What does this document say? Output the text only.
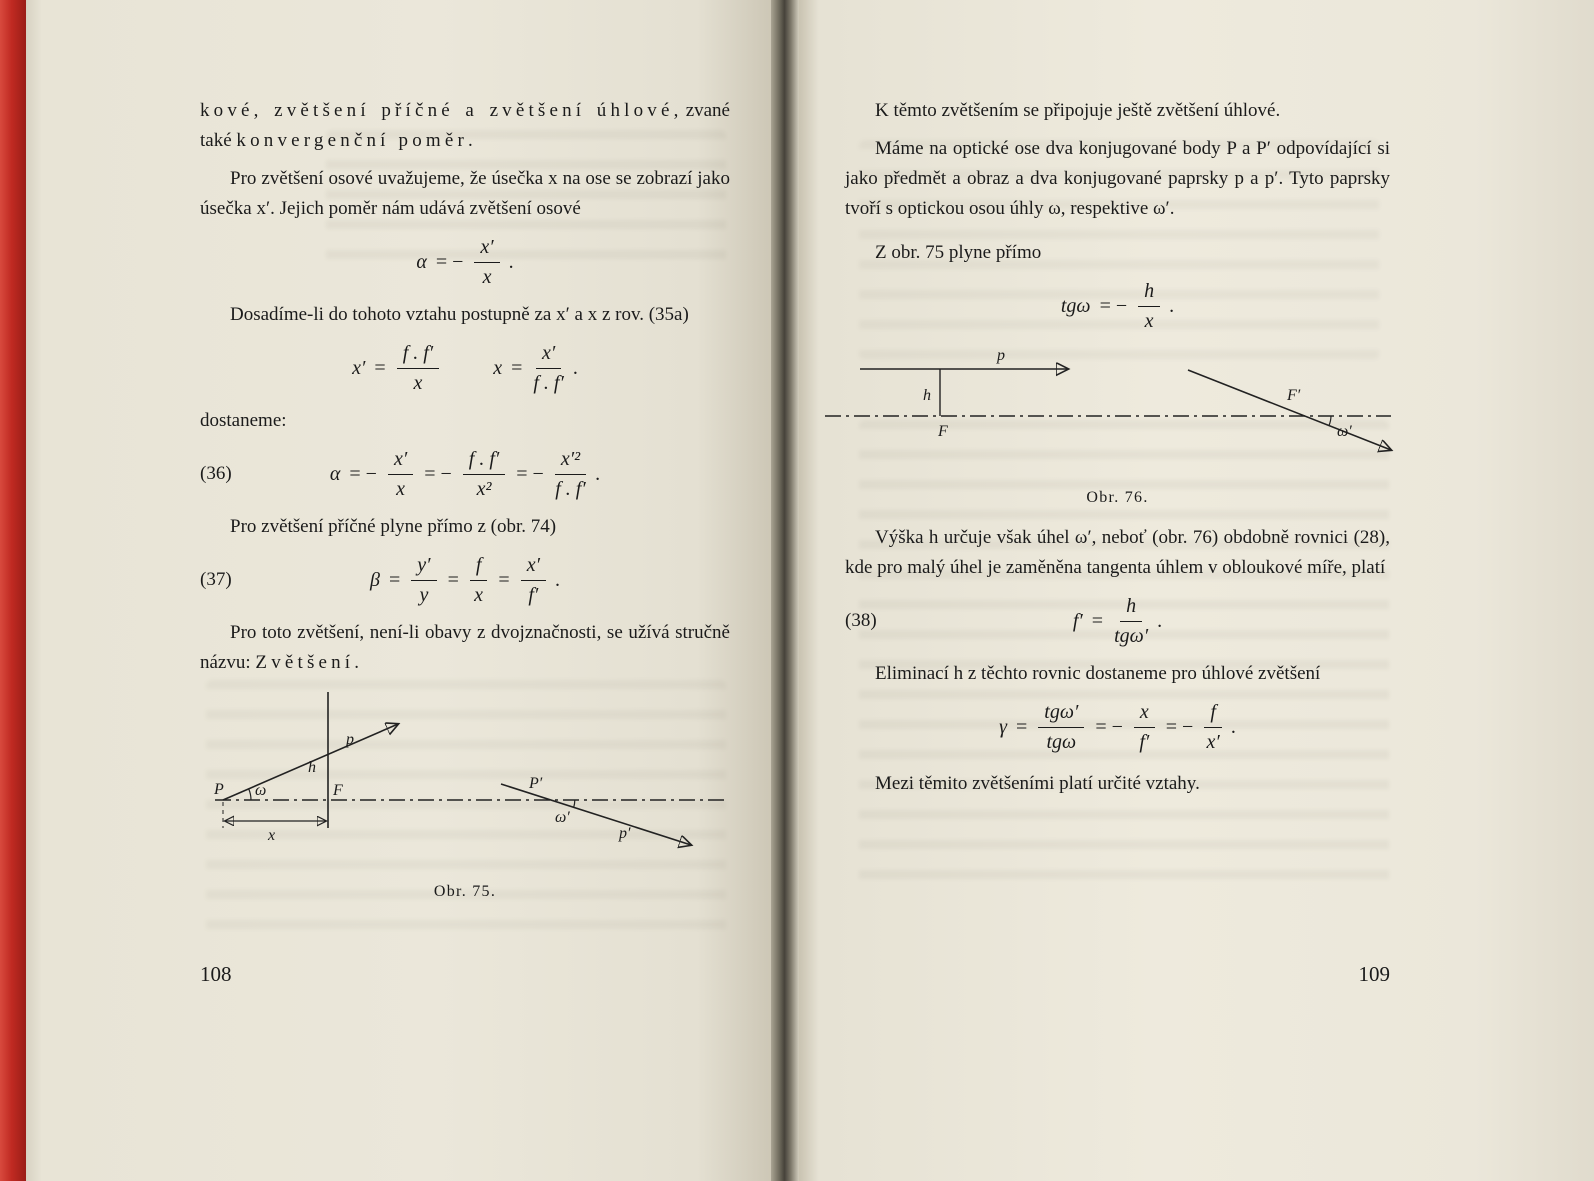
kové, zvětšení příčné a zvětšení úhlové, zvané také konvergenční poměr.

Pro zvětšení osové uvažujeme, že úsečka x na ose se zobrazí jako úsečka x′. Jejich poměr nám udává zvětšení osové

α = − $\frac{x'}{x}$ .

Dosadíme-li do tohoto vztahu postupně za x′ a x z rov. (35a)

$x' = \frac{f . f'}{x}$	$x = \frac{x'}{f . f'}$ .

dostaneme:

(36)	α = − $\frac{x'}{x}$ = − $\frac{f . f'}{\text{x²}}$ = − $\frac{\text{x′²}}{f . f'}$ .

Pro zvětšení příčné plyne přímo z (obr. 74)

(37)	$\beta = \frac{y'}{y} = \frac{f}{x} = \frac{x'}{f'}$ .

Pro toto zvětšení, není-li obavy z dvojznačnosti, se užívá stručně názvu: Zvětšení.

P ω
h
p
F
x
P′
ω′
p′
Obr. 75.
108

K těmto zvětšením se připojuje ještě zvětšení úhlové.

Máme na optické ose dva konjugované body P a P′ odpovídající si jako předmět a obraz a dva konjugované paprsky p a p′. Tyto paprsky tvoří s optickou osou úhly ω, respektive ω′.

Z obr. 75 plyne přímo

tgω = − $\frac{h}{x}$ .
p
h
F
F′
ω′
Obr. 76.

Výška h určuje však úhel ω′, neboť (obr. 76) obdobně rovnici (28), kde pro malý úhel je zaměněna tangenta úhlem v obloukové míře, platí

(38)	$f' = \frac{h}{\text{tgω′}}$ .

Eliminací h z těchto rovnic dostaneme pro úhlové zvětšení

$\gamma = \frac{\text{tgω′}}{\text{tgω}}$ = − $\frac{x}{f'}$ = − $\frac{f}{x'}$ .

Mezi těmito zvětšeními platí určité vztahy.

109
